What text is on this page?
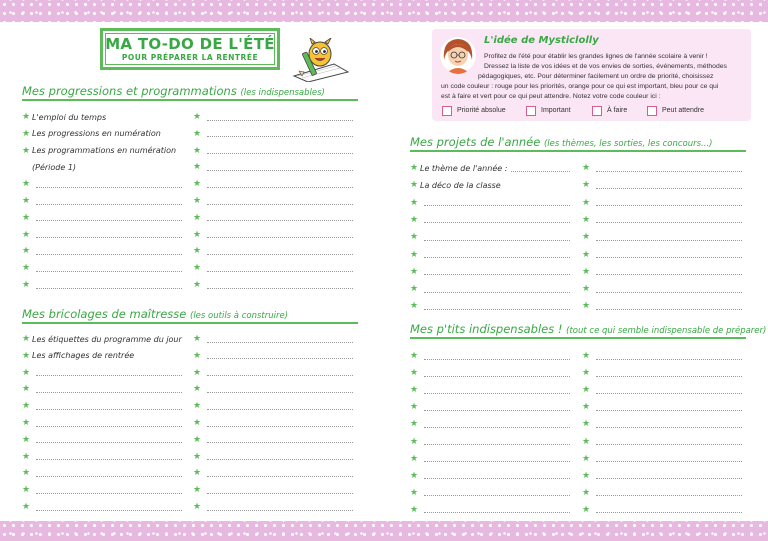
MA TO-DO DE L'ÉTÉ
POUR PRÉPARER LA RENTRÉE
Mes progressions et programmations (les indispensables)
★ L'emploi du temps
★ Les progressions en numération
★ Les programmations en numération
(Période 1)
★
★
★
★
★
★
★
★
★
★
★
★
★
★
★
★
★
★
Mes bricolages de maîtresse (les outils à construire)
★ Les étiquettes du programme du jour
★ Les affichages de rentrée
★
★
★
★
★
★
★
★
★
★
★
★
★
★
★
★
★
★
★
★
L'idée de Mysticlolly
Profitez de l'été pour établir les grandes lignes de l'année scolaire à venir !
Dressez la liste de vos idées et de vos envies de sorties, événements, méthodes
pédagogiques, etc. Pour déterminer facilement un ordre de priorité, choisissez
un code couleur : rouge pour les priorités, orange pour ce qui est important, bleu pour ce qui
est à faire et vert pour ce qui peut attendre. Notez votre code couleur ici :
Priorité absolue	Important	À faire	Peut attendre
Mes projets de l'année (les thèmes, les sorties, les concours...)
★ Le thème de l'année :
★ La déco de la classe
★
★
★
★
★
★
★
★
★
★
★
★
★
★
★
★
Mes p'tits indispensables ! (tout ce qui semble indispensable de préparer)
★
★
★
★
★
★
★
★
★
★
★
★
★
★
★
★
★
★
★
★
